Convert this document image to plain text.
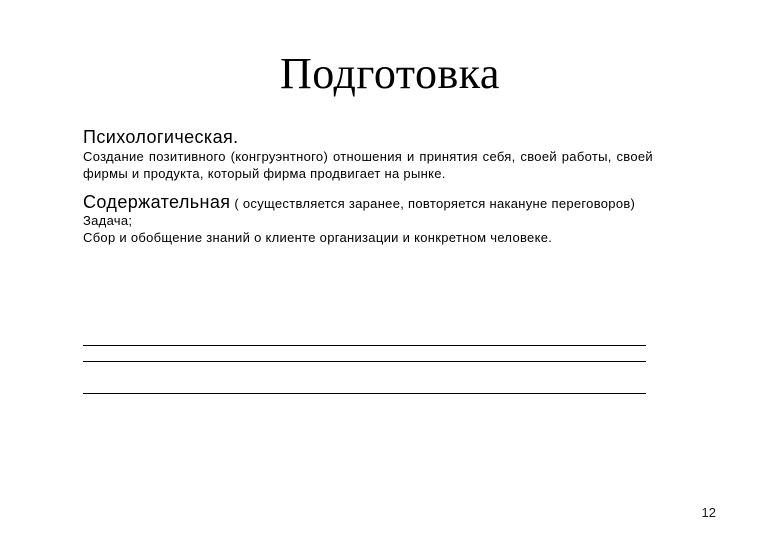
Подготовка
Психологическая.
Создание позитивного (конгруэнтного) отношения и принятия себя, своей работы, своей фирмы и продукта, который фирма продвигает на рынке.
Содержательная ( осуществляется заранее, повторяется накануне переговоров)
Задача;
Сбор и обобщение знаний о клиенте организации и конкретном человеке.
12
